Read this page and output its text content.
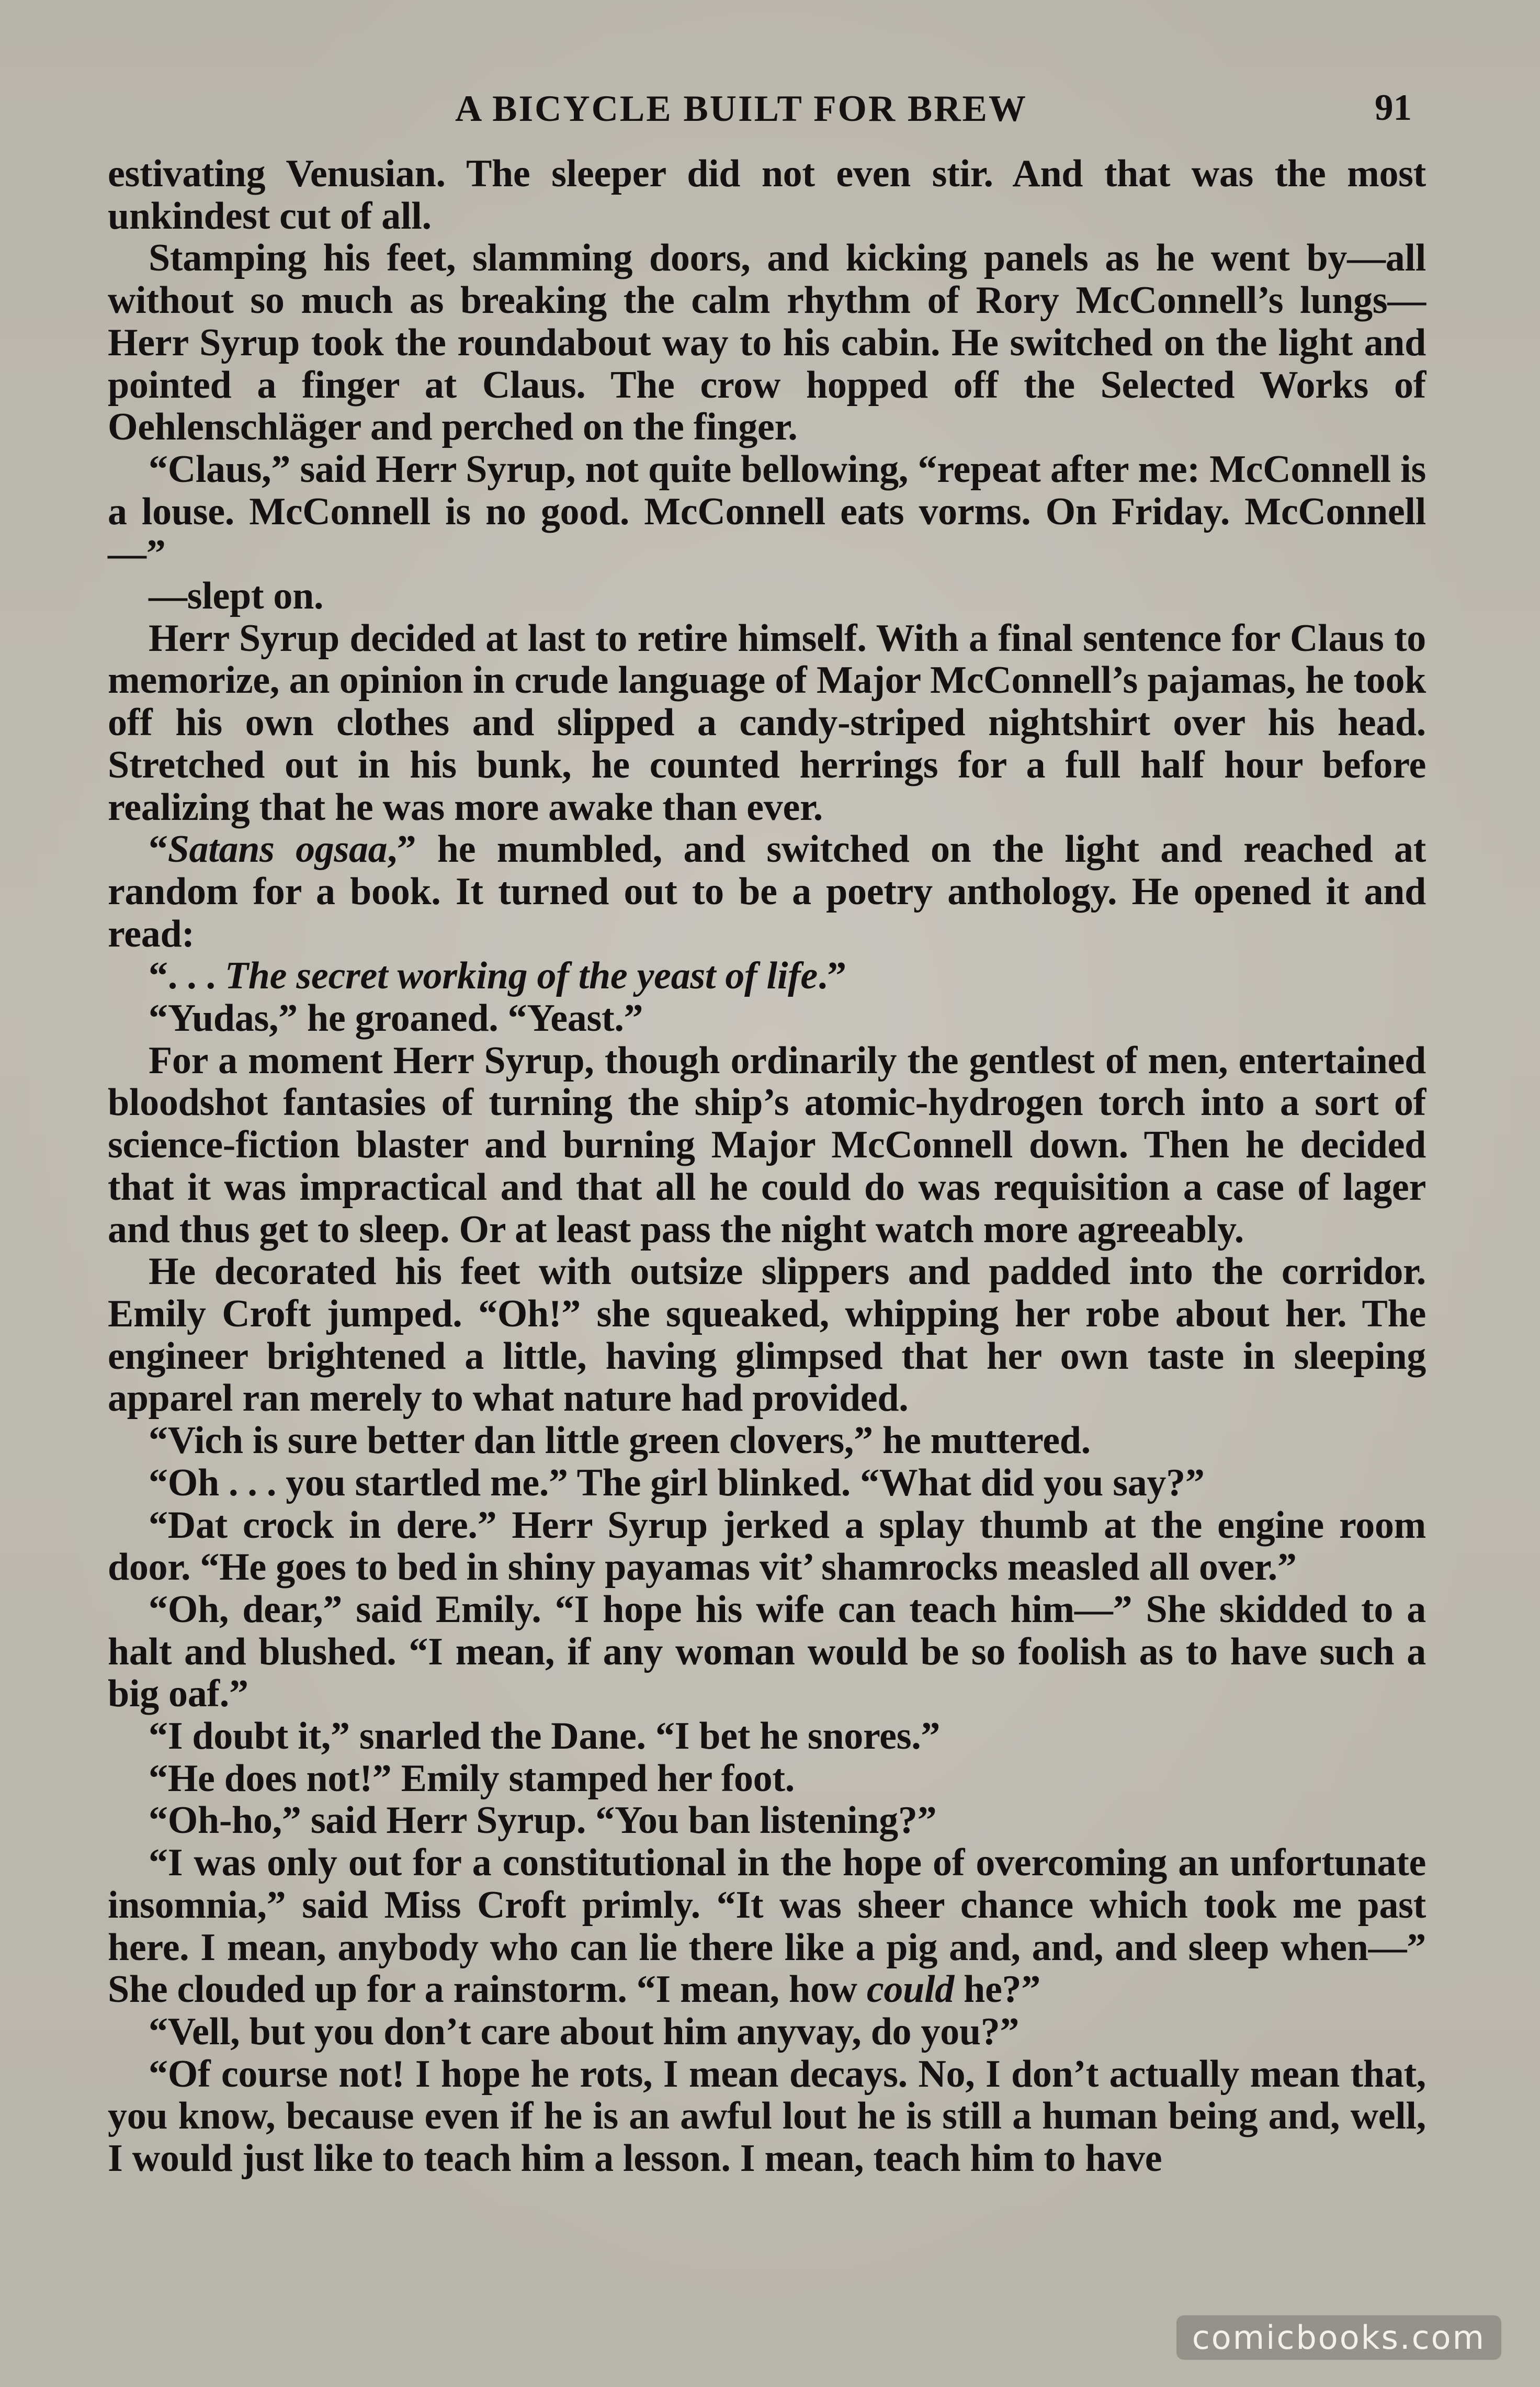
A BICYCLE BUILT FOR BREW	91

estivating Venusian. The sleeper did not even stir. And that was the most unkindest cut of all.

Stamping his feet, slamming doors, and kicking panels as he went by—all without so much as breaking the calm rhythm of Rory McConnell’s lungs—Herr Syrup took the roundabout way to his cabin. He switched on the light and pointed a finger at Claus. The crow hopped off the Selected Works of Oehlenschläger and perched on the finger.

“Claus,” said Herr Syrup, not quite bellowing, “repeat after me: McConnell is a louse. McConnell is no good. McConnell eats vorms. On Friday. McConnell—”

—slept on.

Herr Syrup decided at last to retire himself. With a final sentence for Claus to memorize, an opinion in crude language of Major McConnell’s pajamas, he took off his own clothes and slipped a candy-striped nightshirt over his head. Stretched out in his bunk, he counted herrings for a full half hour before realizing that he was more awake than ever.

“Satans ogsaa,” he mumbled, and switched on the light and reached at random for a book. It turned out to be a poetry anthology. He opened it and read:

“. . . The secret working of the yeast of life.”

“Yudas,” he groaned. “Yeast.”

For a moment Herr Syrup, though ordinarily the gentlest of men, entertained bloodshot fantasies of turning the ship’s atomic-hydrogen torch into a sort of science-fiction blaster and burning Major McConnell down. Then he decided that it was impractical and that all he could do was requisition a case of lager and thus get to sleep. Or at least pass the night watch more agreeably.

He decorated his feet with outsize slippers and padded into the corridor. Emily Croft jumped. “Oh!” she squeaked, whipping her robe about her. The engineer brightened a little, having glimpsed that her own taste in sleeping apparel ran merely to what nature had provided.

“Vich is sure better dan little green clovers,” he muttered.

“Oh . . . you startled me.” The girl blinked. “What did you say?”

“Dat crock in dere.” Herr Syrup jerked a splay thumb at the engine room door. “He goes to bed in shiny payamas vit’ shamrocks measled all over.”

“Oh, dear,” said Emily. “I hope his wife can teach him—” She skidded to a halt and blushed. “I mean, if any woman would be so foolish as to have such a big oaf.”

“I doubt it,” snarled the Dane. “I bet he snores.”

“He does not!” Emily stamped her foot.

“Oh-ho,” said Herr Syrup. “You ban listening?”

“I was only out for a constitutional in the hope of overcoming an unfortunate insomnia,” said Miss Croft primly. “It was sheer chance which took me past here. I mean, anybody who can lie there like a pig and, and, and sleep when—” She clouded up for a rainstorm. “I mean, how could he?”

“Vell, but you don’t care about him anyvay, do you?”

“Of course not! I hope he rots, I mean decays. No, I don’t actually mean that, you know, because even if he is an awful lout he is still a human being and, well, I would just like to teach him a lesson. I mean, teach him to have

comicbooks.com
